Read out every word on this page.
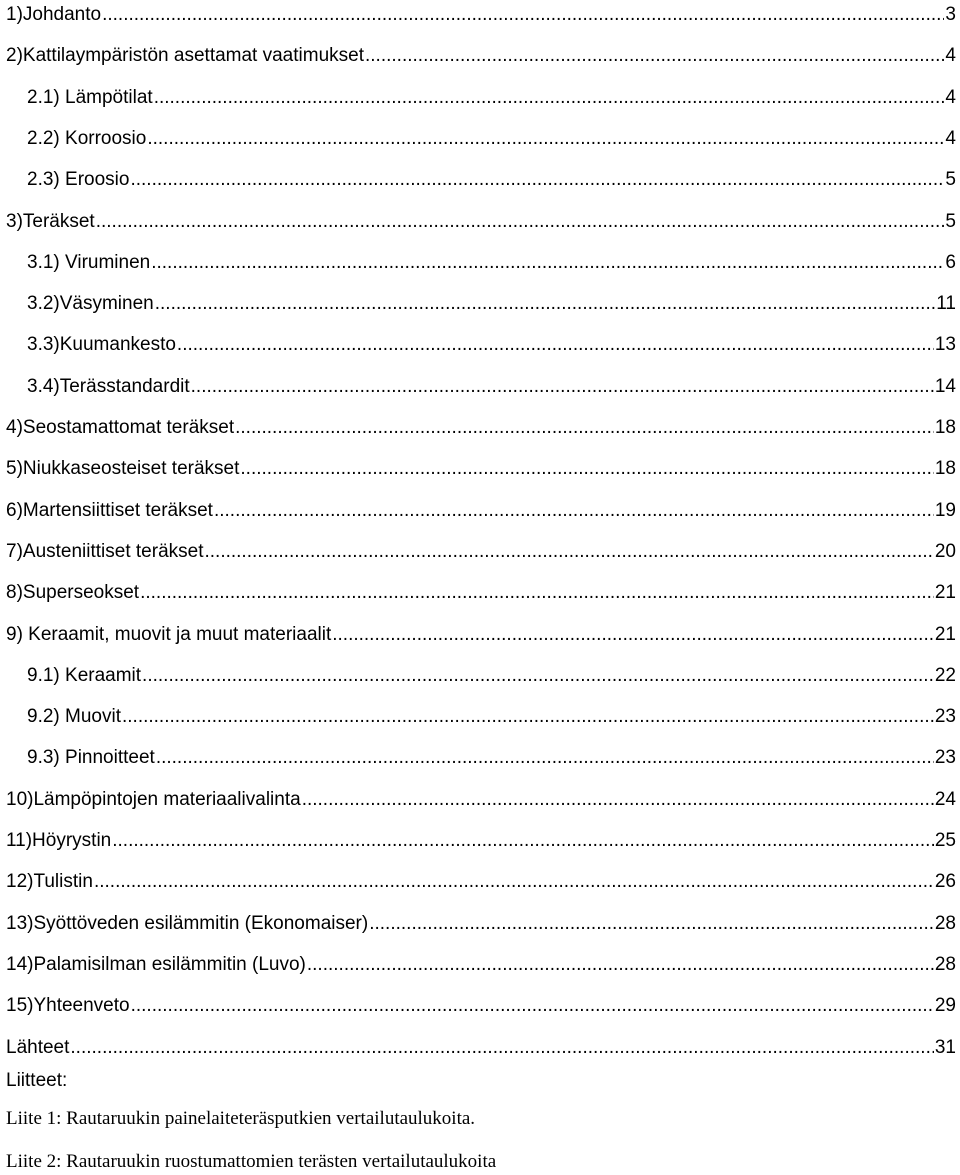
1)Johdanto .....	3
2)Kattilaympäristön asettamat vaatimukset .....	4
2.1) Lämpötilat .....	4
2.2) Korroosio .....	4
2.3) Eroosio .....	5
3)Teräkset .....	5
3.1) Viruminen .....	6
3.2)Väsyminen .....	11
3.3)Kuumankesto .....	13
3.4)Terässtandardit .....	14
4)Seostamattomat teräkset .....	18
5)Niukkaseosteiset teräkset .....	18
6)Martensiittiset teräkset .....	19
7)Austeniittiset teräkset .....	20
8)Superseokset .....	21
9) Keraamit, muovit ja muut materiaalit .....	21
9.1) Keraamit .....	22
9.2) Muovit .....	23
9.3) Pinnoitteet .....	23
10)Lämpöpintojen materiaalivalinta .....	24
11)Höyrystin .....	25
12)Tulistin .....	26
13)Syöttöveden esilämmitin (Ekonomaiser) .....	28
14)Palamisilman esilämmitin (Luvo) .....	28
15)Yhteenveto .....	29
Lähteet .....	31
Liitteet:
Liite 1: Rautaruukin painelaiteteräsputkien vertailutaulukoita.
Liite 2: Rautaruukin ruostumattomien terästen vertailutaulukoita
